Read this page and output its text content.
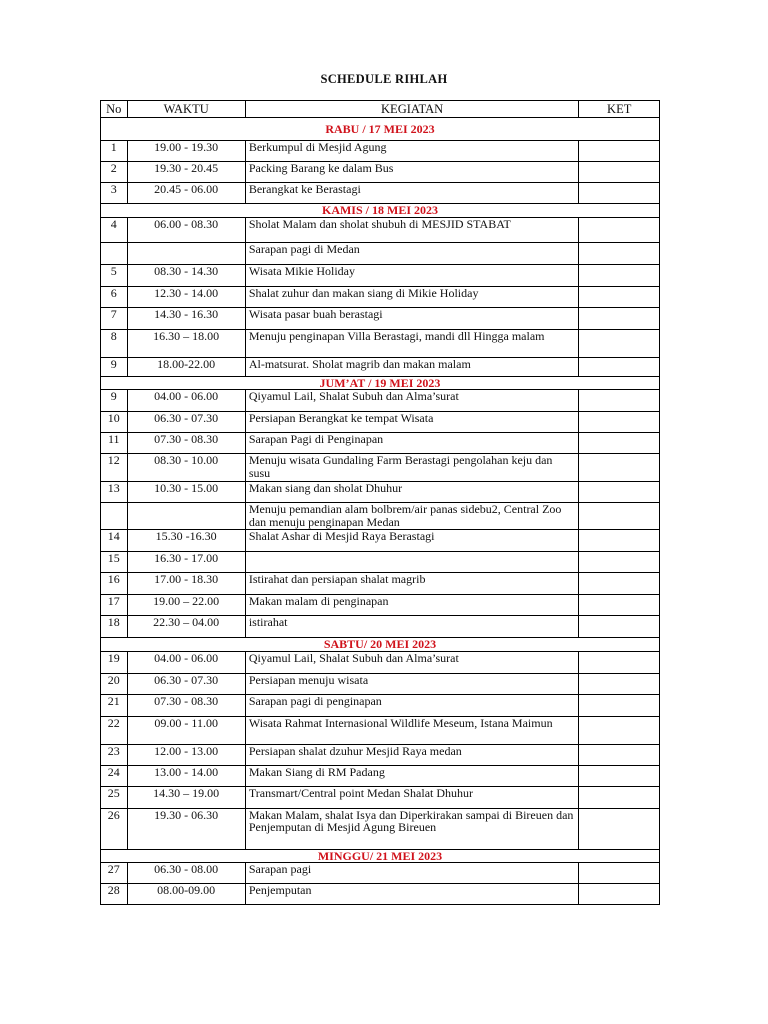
SCHEDULE RIHLAH
No	WAKTU	KEGIATAN	KET
RABU / 17 MEI 2023			
1	19.00 - 19.30	Berkumpul di Mesjid Agung	
2	19.30 - 20.45	Packing Barang ke dalam Bus	
3	20.45 - 06.00	Berangkat ke Berastagi	
KAMIS / 18 MEI 2023			
4	06.00 - 08.30	Sholat Malam dan sholat shubuh di MESJID STABAT	
		Sarapan pagi di Medan	
5	08.30 - 14.30	Wisata Mikie Holiday	
6	12.30 - 14.00	Shalat zuhur dan makan siang di Mikie Holiday	
7	14.30 - 16.30	Wisata pasar buah berastagi	
8	16.30 – 18.00	Menuju penginapan Villa Berastagi, mandi dll Hingga malam	
9	18.00-22.00	Al-matsurat. Sholat magrib dan makan malam	
JUM’AT / 19 MEI 2023			
9	04.00 - 06.00	Qiyamul Lail, Shalat Subuh dan Alma’surat	
10	06.30 - 07.30	Persiapan Berangkat ke tempat Wisata	
11	07.30 - 08.30	Sarapan Pagi di Penginapan	
12	08.30 - 10.00	Menuju wisata Gundaling Farm Berastagi pengolahan keju dan susu	
13	10.30 - 15.00	Makan siang dan sholat Dhuhur	
		Menuju pemandian alam bolbrem/air panas sidebu2, Central Zoo dan menuju penginapan Medan	
14	15.30 -16.30	Shalat Ashar di Mesjid Raya Berastagi	
15	16.30 - 17.00		
16	17.00 - 18.30	Istirahat dan persiapan shalat magrib	
17	19.00 – 22.00	Makan malam di penginapan	
18	22.30 – 04.00	istirahat	
SABTU/ 20 MEI 2023			
19	04.00 - 06.00	Qiyamul Lail, Shalat Subuh dan Alma’surat	
20	06.30 - 07.30	Persiapan menuju wisata	
21	07.30 - 08.30	Sarapan pagi di penginapan	
22	09.00 - 11.00	Wisata Rahmat Internasional Wildlife Meseum, Istana Maimun	
23	12.00 - 13.00	Persiapan shalat dzuhur Mesjid Raya medan	
24	13.00 - 14.00	Makan Siang di RM Padang	
25	14.30 – 19.00	Transmart/Central point Medan Shalat Dhuhur	
26	19.30 - 06.30	Makan Malam, shalat Isya dan Diperkirakan sampai di Bireuen dan Penjemputan di Mesjid Agung Bireuen	
MINGGU/ 21 MEI 2023			
27	06.30 - 08.00	Sarapan pagi	
28	08.00-09.00	Penjemputan	
